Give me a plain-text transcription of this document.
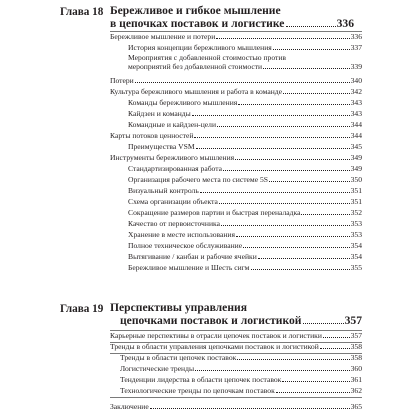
Глава 18 Бережливое и гибкое мышление
в цепочках поставок и логистике	336
Бережливое мышление и потери	336
История концепции бережливого мышления	337
Мероприятия с добавленной стоимостью против
мероприятий без добавленной стоимости	339
Потери	340
Культура бережливого мышления и работа в команде	342
Команды бережливого мышления	343
Кайдзен и команды	343
Командные и кайдзен-цели	344
Карты потоков ценностей	344
Преимущества VSM	345
Инструменты бережливого мышления	349
Стандартизированная работа	349
Организация рабочего места по системе 5S	350
Визуальный контроль	351
Схема организации объекта	351
Сокращение размеров партии и быстрая переналадка	352
Качество от первоисточника	353
Хранение в месте использования	353
Полное техническое обслуживание	354
Вытягивание / канбан и рабочие ячейки	354
Бережливое мышление и Шесть сигм	355
Глава 19 Перспективы управления
цепочками поставок и логистикой	357
Карьерные перспективы в отрасли цепочек поставок и логистики	357
Тренды в области управления цепочками поставок и логистикой	358
Тренды в области цепочек поставок	358
Логистические тренды	360
Тенденции лидерства в области цепочек поставок	361
Технологические тренды по цепочкам поставок	362
Заключение	365
